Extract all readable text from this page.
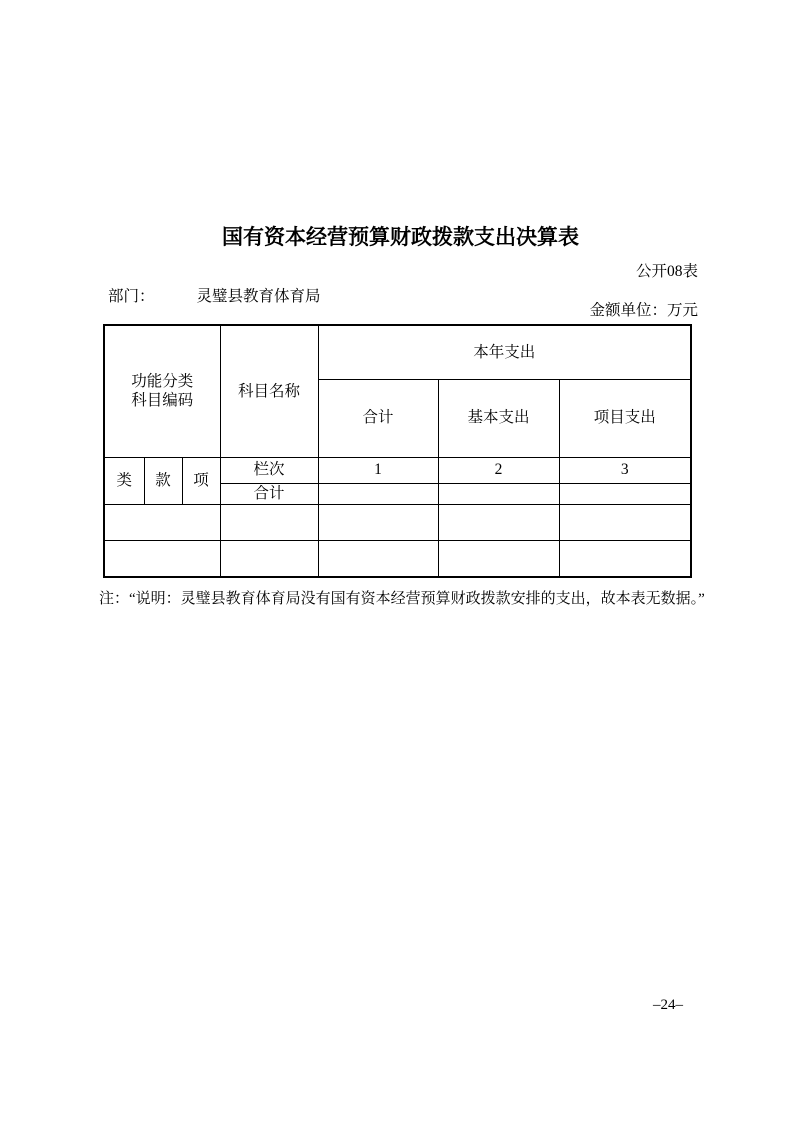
国有资本经营预算财政拨款支出决算表
公开08表
部门：	灵璧县教育体育局
金额单位：万元
功能分类
科目编码			科目名称	本年支出		
				合计	基本支出	项目支出
类	款	项	栏次	1	2	3
			合计			

注：“说明：灵璧县教育体育局没有国有资本经营预算财政拨款安排的支出，故本表无数据。”
–24–
